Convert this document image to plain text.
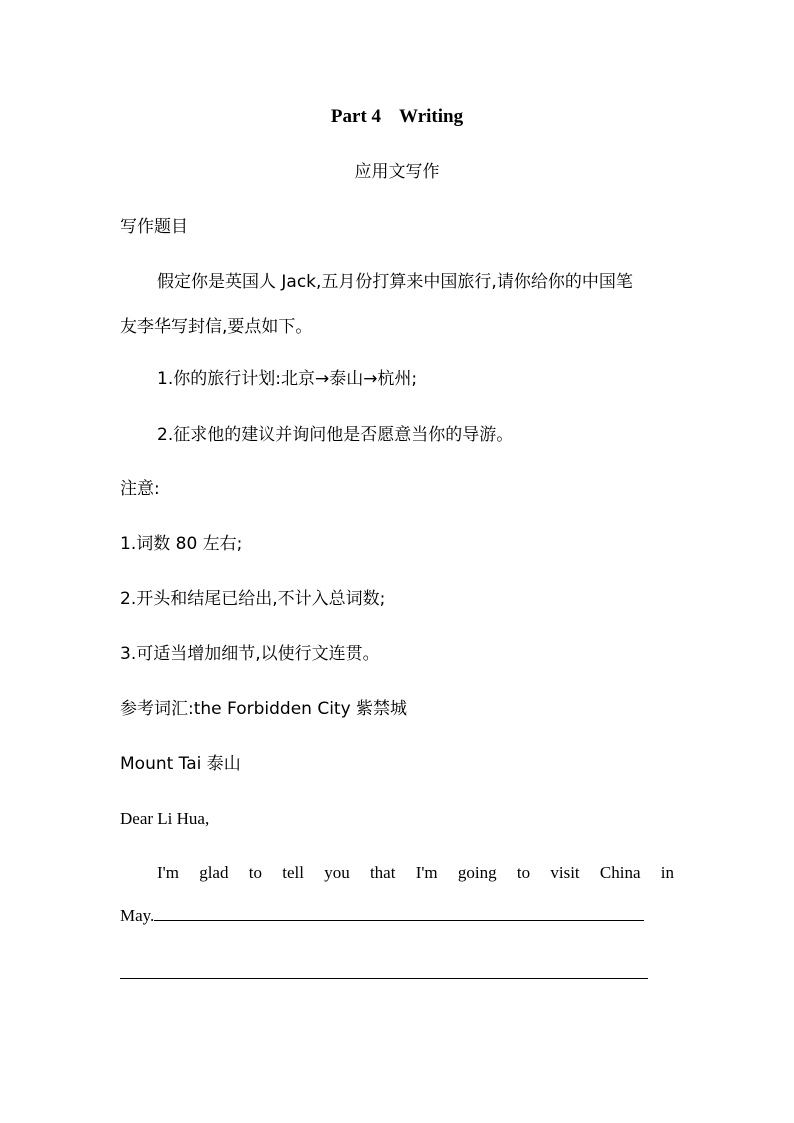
Part 4 Writing
应用文写作
写作题目
假定你是英国人 Jack,五月份打算来中国旅行,请你给你的中国笔
友李华写封信,要点如下。
1.你的旅行计划:北京→泰山→杭州;
2.征求他的建议并询问他是否愿意当你的导游。
注意:
1.词数 80 左右;
2.开头和结尾已给出,不计入总词数;
3.可适当增加细节,以使行文连贯。
参考词汇:the Forbidden City 紫禁城
Mount Tai 泰山
Dear Li Hua,
I'm glad to tell you that I'm going to visit China in
May.
